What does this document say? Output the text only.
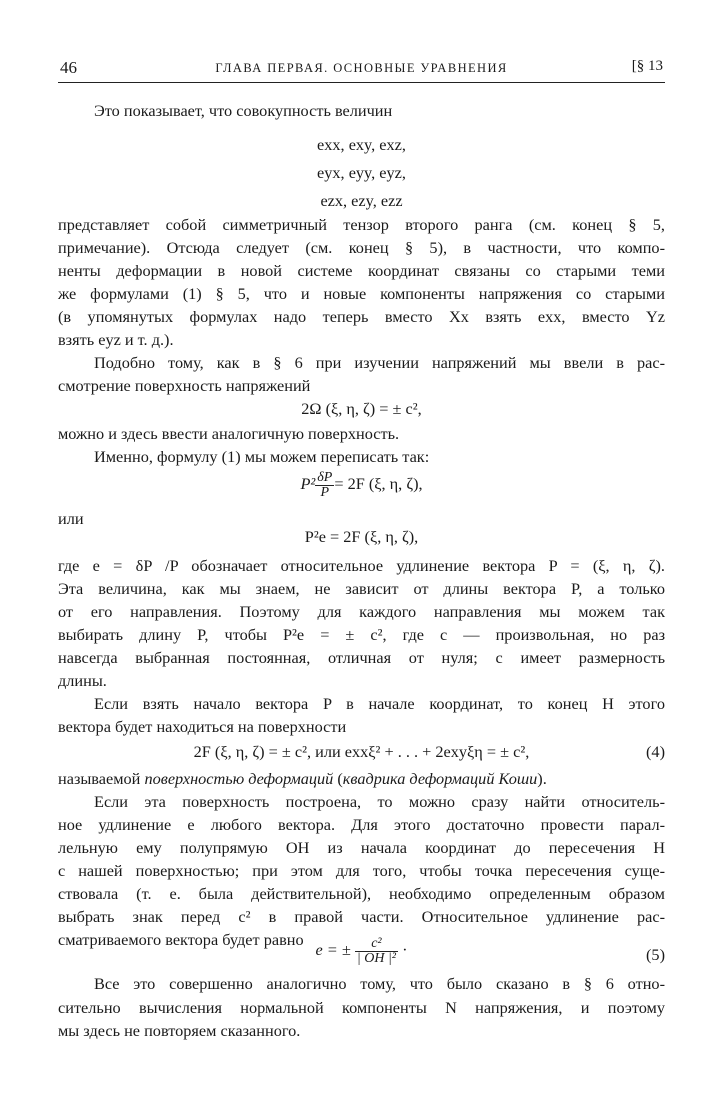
46	ГЛАВА ПЕРВАЯ. ОСНОВНЫЕ УРАВНЕНИЯ	[§ 13
Это показывает, что совокупность величин
exx, exy, exz,
eyx, eyy, eyz,
ezx, ezy, ezz
представляет собой симметричный тензор второго ранга (см. конец § 5,
примечание). Отсюда следует (см. конец § 5), в частности, что компо-
ненты деформации в новой системе координат связаны со старыми теми
же формулами (1) § 5, что и новые компоненты напряжения со старыми
(в упомянутых формулах надо теперь вместо Xx взять exx, вместо Yz
взять eyz и т. д.).
Подобно тому, как в § 6 при изучении напряжений мы ввели в рас-
смотрение поверхность напряжений
2Ω (ξ, η, ζ) = ± c²,
можно и здесь ввести аналогичную поверхность.
Именно, формулу (1) мы можем переписать так:
$P^2 \frac{\delta P}{P} = 2F$ (ξ, η, ζ),
или
P²e = 2F (ξ, η, ζ),
где e = δP /P обозначает относительное удлинение вектора P = (ξ, η, ζ).
Эта величина, как мы знаем, не зависит от длины вектора P, а только
от его направления. Поэтому для каждого направления мы можем так
выбирать длину P, чтобы P²e = ± c², где c — произвольная, но раз
навсегда выбранная постоянная, отличная от нуля; c имеет размерность
длины.
Если взять начало вектора P в начале координат, то конец H этого
вектора будет находиться на поверхности
2F (ξ, η, ζ) = ± c², или exxξ² + . . . + 2exyξη = ± c²,	(4)
называемой поверхностью деформаций (квадрика деформаций Коши).
Если эта поверхность построена, то можно сразу найти относитель-
ное удлинение e любого вектора. Для этого достаточно провести парал-
лельную ему полупрямую OH из начала координат до пересечения H
с нашей поверхностью; при этом для того, чтобы точка пересечения суще-
ствовала (т. е. была действительной), необходимо определенным образом
выбрать знак перед c² в правой части. Относительное удлинение рас-
сматриваемого вектора будет равно
e = ± $\frac{\text{c²}}{\text{| OH |²}}$ ·	(5)
Все это совершенно аналогично тому, что было сказано в § 6 отно-
сительно вычисления нормальной компоненты N напряжения, и поэтому
мы здесь не повторяем сказанного.
